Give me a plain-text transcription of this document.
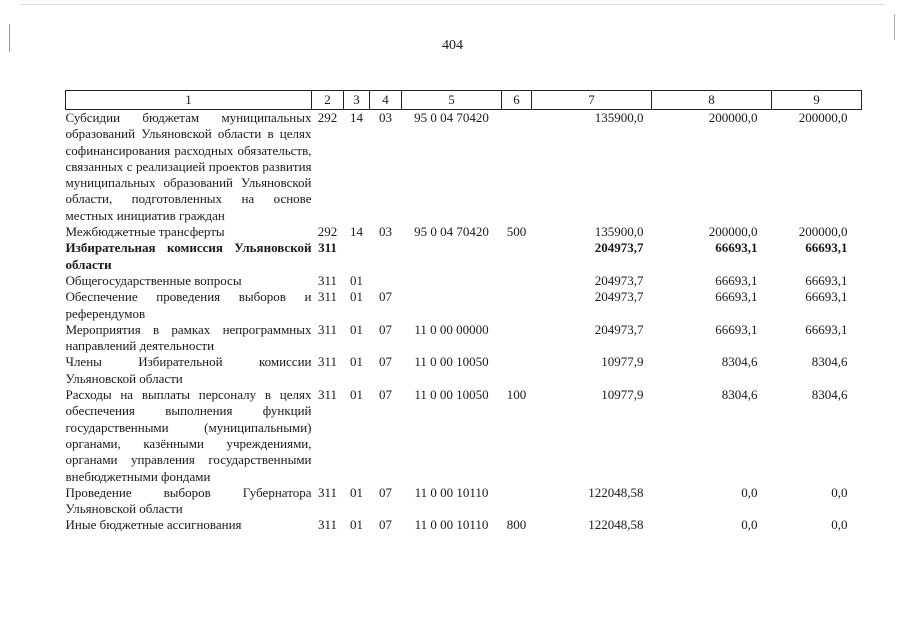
404
1	2	3	4	5	6	7	8	9
Субсидии бюджетам муниципальных образований Ульяновской области в целях софинансирования расходных обязательств, связанных с реализацией проектов развития муниципальных образований Ульяновской области, подготовленных на основе местных инициатив граждан	292	14	03	95 0 04 70420		135900,0	200000,0	200000,0
Межбюджетные трансферты	292	14	03	95 0 04 70420	500	135900,0	200000,0	200000,0
Избирательная комиссия Ульяновской области	311					204973,7	66693,1	66693,1
Общегосударственные вопросы	311	01				204973,7	66693,1	66693,1
Обеспечение проведения выборов и референдумов	311	01	07			204973,7	66693,1	66693,1
Мероприятия в рамках непрограммных направлений деятельности	311	01	07	11 0 00 00000		204973,7	66693,1	66693,1
Члены Избирательной комиссии Ульяновской области	311	01	07	11 0 00 10050		10977,9	8304,6	8304,6
Расходы на выплаты персоналу в целях обеспечения выполнения функций государственными (муниципальными) органами, казёнными учреждениями, органами управления государственными внебюджетными фондами	311	01	07	11 0 00 10050	100	10977,9	8304,6	8304,6
Проведение выборов Губернатора Ульяновской области	311	01	07	11 0 00 10110		122048,58	0,0	0,0
Иные бюджетные ассигнования	311	01	07	11 0 00 10110	800	122048,58	0,0	0,0
